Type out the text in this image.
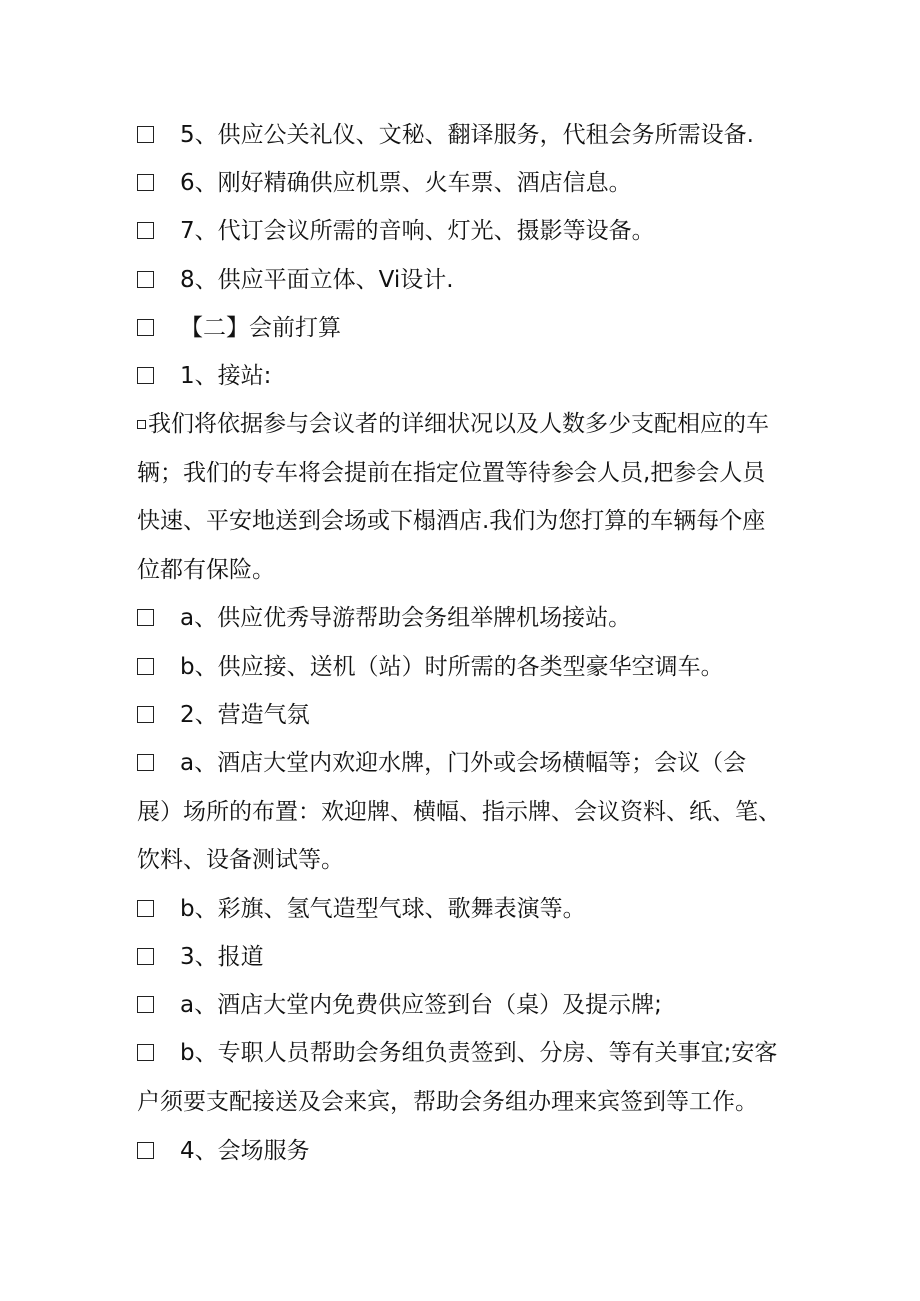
5、供应公关礼仪、文秘、翻译服务，代租会务所需设备.
6、刚好精确供应机票、火车票、酒店信息。
7、代订会议所需的音响、灯光、摄影等设备。
8、供应平面立体、Vi设计.
【二】会前打算
1、接站:
我们将依据参与会议者的详细状况以及人数多少支配相应的车
辆；我们的专车将会提前在指定位置等待参会人员,把参会人员
快速、平安地送到会场或下榻酒店.我们为您打算的车辆每个座
位都有保险。
a、供应优秀导游帮助会务组举牌机场接站。
b、供应接、送机（站）时所需的各类型豪华空调车。
2、营造气氛
a、酒店大堂内欢迎水牌，门外或会场横幅等；会议（会
展）场所的布置：欢迎牌、横幅、指示牌、会议资料、纸、笔、
饮料、设备测试等。
b、彩旗、氢气造型气球、歌舞表演等。
3、报道
a、酒店大堂内免费供应签到台（桌）及提示牌;
b、专职人员帮助会务组负责签到、分房、等有关事宜;安客
户须要支配接送及会来宾，帮助会务组办理来宾签到等工作。
4、会场服务
